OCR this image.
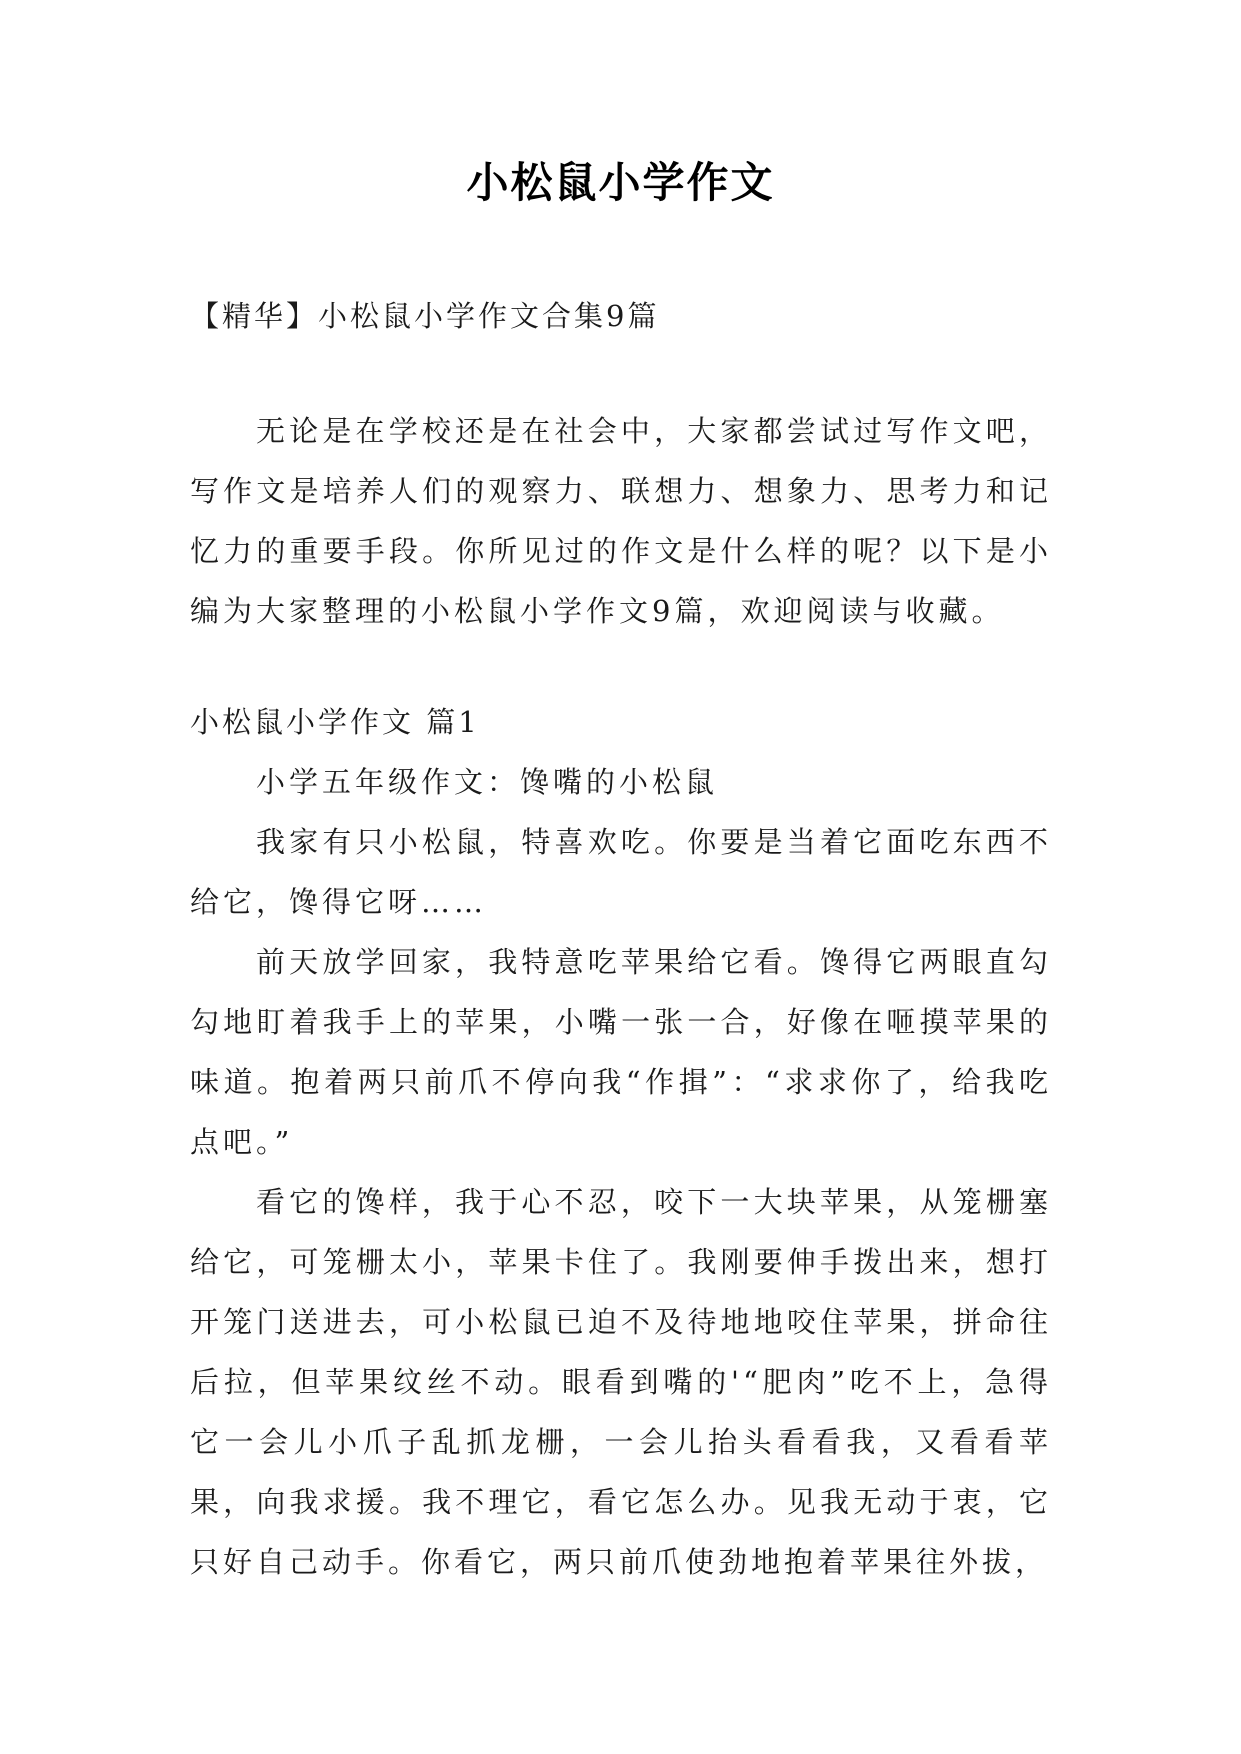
小松鼠小学作文

【精华】小松鼠小学作文合集9篇

无论是在学校还是在社会中，大家都尝试过写作文吧，写作文是培养人们的观察力、联想力、想象力、思考力和记忆力的重要手段。你所见过的作文是什么样的呢？以下是小编为大家整理的小松鼠小学作文9篇，欢迎阅读与收藏。

小松鼠小学作文 篇1

小学五年级作文：馋嘴的小松鼠

我家有只小松鼠，特喜欢吃。你要是当着它面吃东西不给它，馋得它呀……

前天放学回家，我特意吃苹果给它看。馋得它两眼直勾勾地盯着我手上的苹果，小嘴一张一合，好像在咂摸苹果的味道。抱着两只前爪不停向我“作揖”：“求求你了，给我吃点吧。”

看它的馋样，我于心不忍，咬下一大块苹果，从笼栅塞给它，可笼栅太小，苹果卡住了。我刚要伸手拨出来，想打开笼门送进去，可小松鼠已迫不及待地地咬住苹果，拼命往后拉，但苹果纹丝不动。眼看到嘴的'“肥肉”吃不上，急得它一会儿小爪子乱抓龙栅，一会儿抬头看看我，又看看苹果，向我求援。我不理它，看它怎么办。见我无动于衷，它只好自己动手。你看它，两只前爪使劲地抱着苹果往外拔，
